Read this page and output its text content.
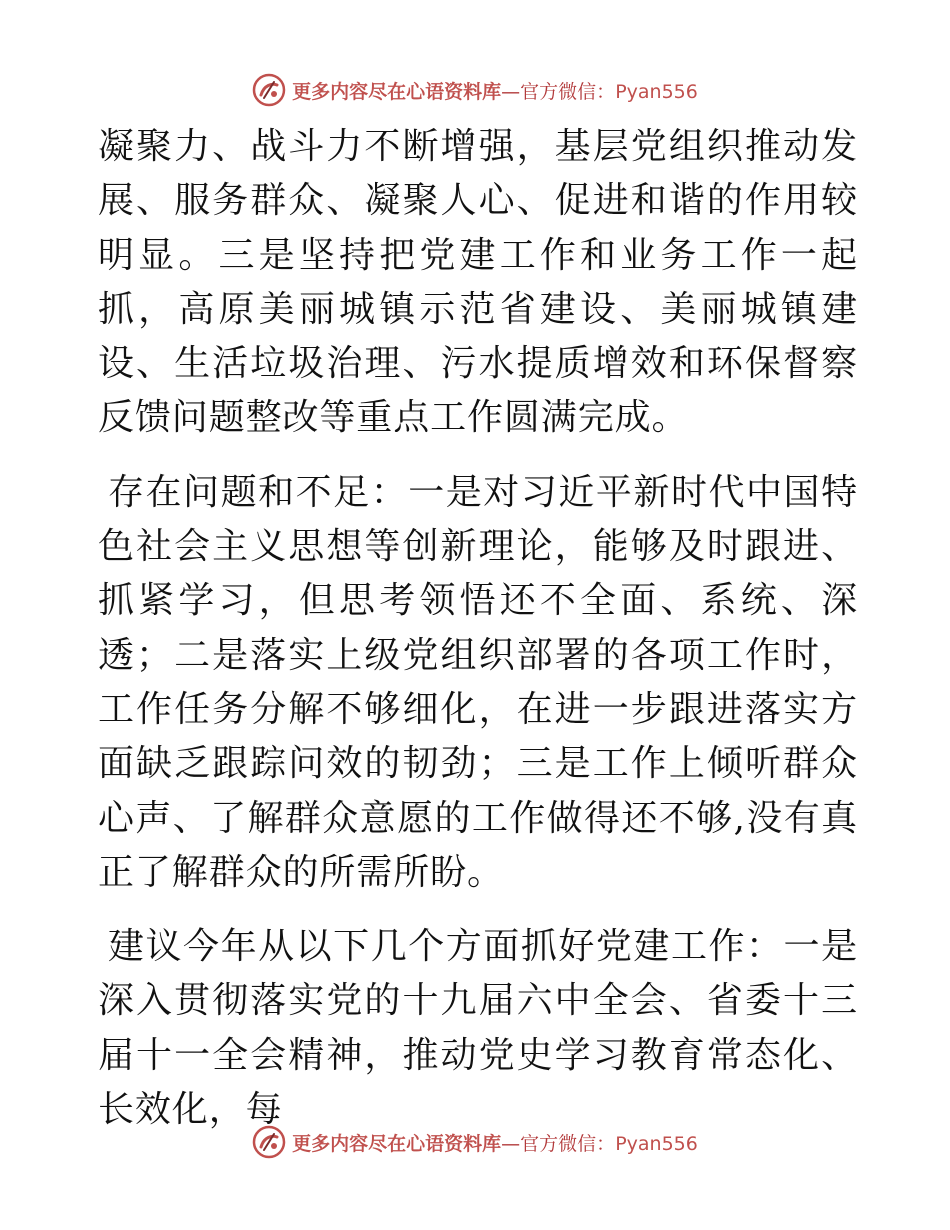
更多内容尽在心语资料库—官方微信：Pyan556

凝聚力、战斗力不断增强，基层党组织推动发展、服务群众、凝聚人心、促进和谐的作用较明显。三是坚持把党建工作和业务工作一起抓，高原美丽城镇示范省建设、美丽城镇建设、生活垃圾治理、污水提质增效和环保督察反馈问题整改等重点工作圆满完成。

存在问题和不足：一是对习近平新时代中国特色社会主义思想等创新理论，能够及时跟进、抓紧学习，但思考领悟还不全面、系统、深透；二是落实上级党组织部署的各项工作时，工作任务分解不够细化，在进一步跟进落实方面缺乏跟踪问效的韧劲；三是工作上倾听群众心声、了解群众意愿的工作做得还不够,没有真正了解群众的所需所盼。

建议今年从以下几个方面抓好党建工作：一是深入贯彻落实党的十九届六中全会、省委十三届十一全会精神，推动党史学习教育常态化、长效化，每

更多内容尽在心语资料库—官方微信：Pyan556
